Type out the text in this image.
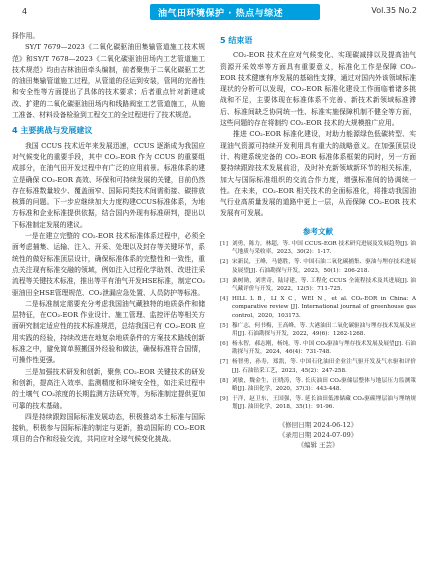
4	油气田环境保护 · 热点与综述	Vol.35 No.2

择作用。

SY/T 7679—2023《二氧化碳驱油田集输管道施工技术规范》和SY/T 7678—2023《二氧化碳驱油田场内工艺管道施工技术规范》均由吉林油田牵头编制，前者聚焦于二氧化碳驱工艺的油田集输管道施工过程，从管道的径运到安装，管网的完善性和安全性等方面提出了具体的技术要求；后者重点针对新建或改、扩建的二氧化碳驱油田场内和线路阀室工艺管道施工，从施工准备、材料设备检验到工程交工的全过程进行了技术规范。

4 主要挑战与发展建议

我国 CCUS 技术近年来发展迅速，CCUS 逐渐成为我国应对气候变化的重要手段，其中 CO₂-EOR 作为 CCUS 的重要组成部分，在油气田开发过程中有广泛的应用前景。标准体系的建立是确保 CO₂-EOR 高效、环保和可持续发展的关键，目前仍然存在标准数量较少、覆盖面窄、国际同类技术间需衔接、碳排放核算的问题。下一步应继续加大力度构建CCUS标准体系，为地方标准和企业标准提供依据，结合国内外现有标准研判，提出以下标准制定发展的建议。

一是在建立完整的 CO₂-EOR 技术标准体系过程中，必须全面考虑捕集、运输、注入、开采、处理以及封存等关键环节，系统性的做好标准顶层设计，确保标准体系的完整性和一致性，重点关注现有标准交融的领域，例如注入过程化学助剂、改进注采流程等关键技术标准，推出等平有油气开发HSE标准，制定CO₂驱油田全HSE管理规范、CO₂泄漏应急处置、人员防护等标准。

二是标准制定需要充分考虑我国油气藏独特的地质条件和储层特征，在CO₂-EOR 作业设计、施工管理、监控评估等相关方面研究制定适应性的技术标准规范，总结我国已有 CO₂-EOR 应用实践的经验，持续改进在地复杂地质条件的方案技术路线创新标准之中，避免简单照搬国外经验和做法，确保标准符合国情，可操作性更强。

三是加强技术研发和创新，聚焦 CO₂-EOR 关键技术的研发和创新，提高注入效率、监测精度和环境安全性，如注采过程中的土壤气 CO₂浓度的长期监测方法研究等，为标准制定提供更加可靠的技术基础。

四是持续跟踪国际标准发展动态，积极推动本土标准与国际接轨，积极参与国际标准的制定与更新，推动国际的 CO₂-EOR 项目的合作和经验交流，共同应对全球气候变化挑战。

5 结束语

CO₂-EOR 技术在应对气候变化、实现碳减排以及提高油气资源开采效率等方面具有重要意义，标准化工作是保障 CO₂-EOR 技术健康有序发展的基础性支撑，通过对国内外该领域标准现状的分析可以发现，CO₂-EOR 标准化建设工作面临着诸多挑战和不足，主要体现在标准体系不完善、新技术新领域标准滞后、标准间缺乏协同统一性、标准实施保障机制不健全等方面，这些问题的存在将制约 CO₂-EOR 技术的大规模推广应用。

推进 CO₂-EOR 标准化建设，对助力能源绿色低碳转型、实现油气资源可持续开发利用具有重大的战略意义。在加强顶层设计、构建系统完备的 CO₂-EOR 标准体系框架的同时，另一方面要持续跟踪技术发展前沿，及时补充新领域新环节的相关标准，加大与国际标准组织的交流合作力度，增强标准间的协调统一性。在未来，CO₂-EOR 相关技术的全面标准化，将推动我国油气行业高质量发展的道路中更上一层，从而保障 CO₂-EOR 技术发展有可发展。

参考文献
[1] 刘勇，陈力，林超，等. 中国 CCUS-EOR 技术研究进展及发展趋势[J]. 油气地质与采收率，2023，30(2)：1-17.
[2] 宋新民，王峰，马德胜，等. 中国石油二氧化碳捕集、驱油与埋存技术进展及展望[J]. 石油勘探与开发，2023，50(1)：206-218.
[3] 桑树勋，刘世奇，陆诗建，等. 工程化 CCUS 全流程技术及其进展[J]. 油气藏评价与开发，2022，12(5)：711-725.
[4] HILL L B，LI X C，WEI N，et al. CO₂-EOR in China: A comparative review [J]. International journal of greenhouse gas control，2020，103173.
[5] 穆广志，何书梅，王高峰，等. 大港油田二氧化碳驱油与埋存技术发展及应用[J]. 石油勘探与开发，2022，49(6)：1262-1268.
[6] 杨永智，郝志刚，杨纯，等. 中国 CO₂驱油与埋存技术发展及展望[J]. 石油勘探与开发，2024，46(4)：731-748.
[7] 杨智勇，孙寿，郑凯，等. 中国石化油田企业注气驱开发及气水驱和评价[J]. 石油钻采工艺，2023，45(2)：247-258.
[8] 刘敏，魏金生，汪晓涛，等. 长庆油田 CO₂驱储层整体与地层压力监测策略[J]. 油田化学，2020，37(3)：443-448.
[9] 于洋，赵卫东，王国强，等. 延长油田低渗储藏 CO₂驱碳埋层油与埋纳规划[J]. 油田化学，2018，35(1)：91-96.
《修回日期 2024-06-12》
《录用日期 2024-07-09》
《编辑 王芸》
